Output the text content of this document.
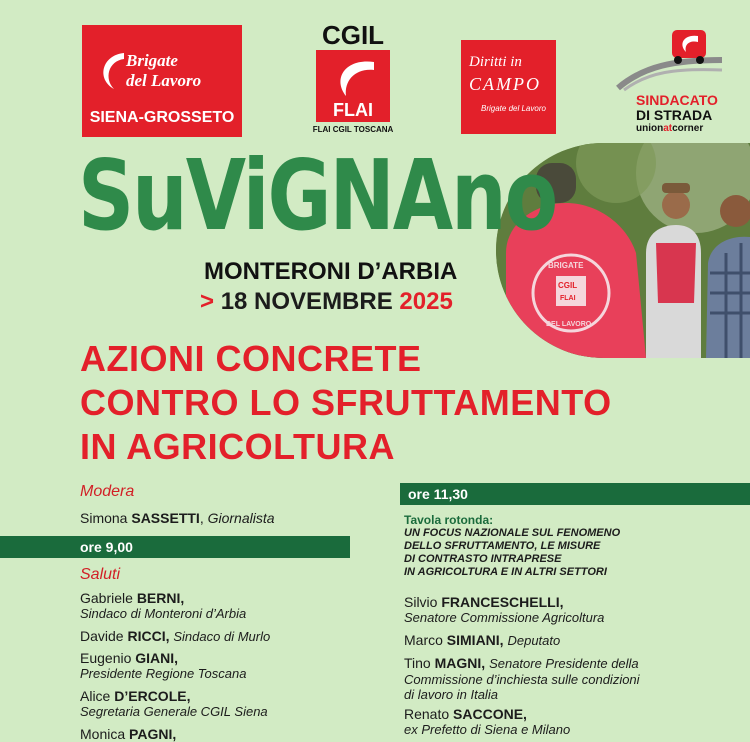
Brigate
del Lavoro
SIENA-GROSSETO
CGIL
FLAI
FLAI CGIL TOSCANA
Diritti in
CAMPO
Brigate del Lavoro
SINDACATO
DI STRADA
unionatcorner
BRIGATE
CGIL
FLAI
DEL LAVORO
SuViGNAno
MONTERONI D’ARBIA
> 18 NOVEMBRE 2025
AZIONI CONCRETE
CONTRO LO SFRUTTAMENTO
IN AGRICOLTURA
Modera
Simona SASSETTI, Giornalista
ore 9,00
Saluti
Gabriele BERNI,
Sindaco di Monteroni d’Arbia
Davide RICCI, Sindaco di Murlo
Eugenio GIANI,
Presidente Regione Toscana
Alice D’ERCOLE,
Segretaria Generale CGIL Siena
Monica PAGNI,
ore 11,30
Tavola rotonda:
UN FOCUS NAZIONALE SUL FENOMENO
DELLO SFRUTTAMENTO, LE MISURE
DI CONTRASTO INTRAPRESE
IN AGRICOLTURA E IN ALTRI SETTORI
Silvio FRANCESCHELLI,
Senatore Commissione Agricoltura
Marco SIMIANI, Deputato
Tino MAGNI, Senatore Presidente della
Commissione d’inchiesta sulle condizioni
di lavoro in Italia
Renato SACCONE,
ex Prefetto di Siena e Milano
